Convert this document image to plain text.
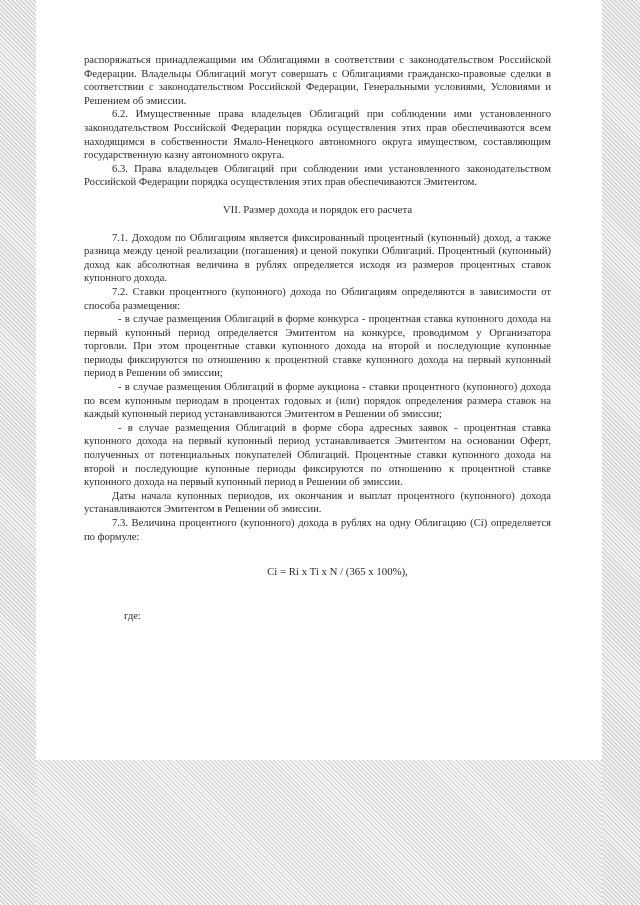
распоряжаться принадлежащими им Облигациями в соответствии с законодательством Российской Федерации. Владельцы Облигаций могут совершать с Облигациями гражданско-правовые сделки в соответствии с законодательством Российской Федерации, Генеральными условиями, Условиями и Решением об эмиссии.

6.2. Имущественные права владельцев Облигаций при соблюдении ими установленного законодательством Российской Федерации порядка осуществления этих прав обеспечиваются всем находящимся в собственности Ямало-Ненецкого автономного округа имуществом, составляющим государственную казну автономного округа.

6.3. Права владельцев Облигаций при соблюдении ими установленного законодательством Российской Федерации порядка осуществления этих прав обеспечиваются Эмитентом.

VII. Размер дохода и порядок его расчета

7.1. Доходом по Облигациям является фиксированный процентный (купонный) доход, а также разница между ценой реализации (погашения) и ценой покупки Облигаций. Процентный (купонный) доход как абсолютная величина в рублях определяется исходя из размеров процентных ставок купонного дохода.

7.2. Ставки процентного (купонного) дохода по Облигациям определяются в зависимости от способа размещения:

- в случае размещения Облигаций в форме конкурса - процентная ставка купонного дохода на первый купонный период определяется Эмитентом на конкурсе, проводимом у Организатора торговли. При этом процентные ставки купонного дохода на второй и последующие купонные периоды фиксируются по отношению к процентной ставке купонного дохода на первый купонный период в Решении об эмиссии;

- в случае размещения Облигаций в форме аукциона - ставки процентного (купонного) дохода по всем купонным периодам в процентах годовых и (или) порядок определения размера ставок на каждый купонный период устанавливаются Эмитентом в Решении об эмиссии;

- в случае размещения Облигаций в форме сбора адресных заявок - процентная ставка купонного дохода на первый купонный период устанавливается Эмитентом на основании Оферт, полученных от потенциальных покупателей Облигаций. Процентные ставки купонного дохода на второй и последующие купонные периоды фиксируются по отношению к процентной ставке купонного дохода на первый купонный период в Решении об эмиссии.

Даты начала купонных периодов, их окончания и выплат процентного (купонного) дохода устанавливаются Эмитентом в Решении об эмиссии.

7.3. Величина процентного (купонного) дохода в рублях на одну Облигацию (Ci) определяется по формуле:

Ci = Ri x Ti x N / (365 x 100%),

где:
